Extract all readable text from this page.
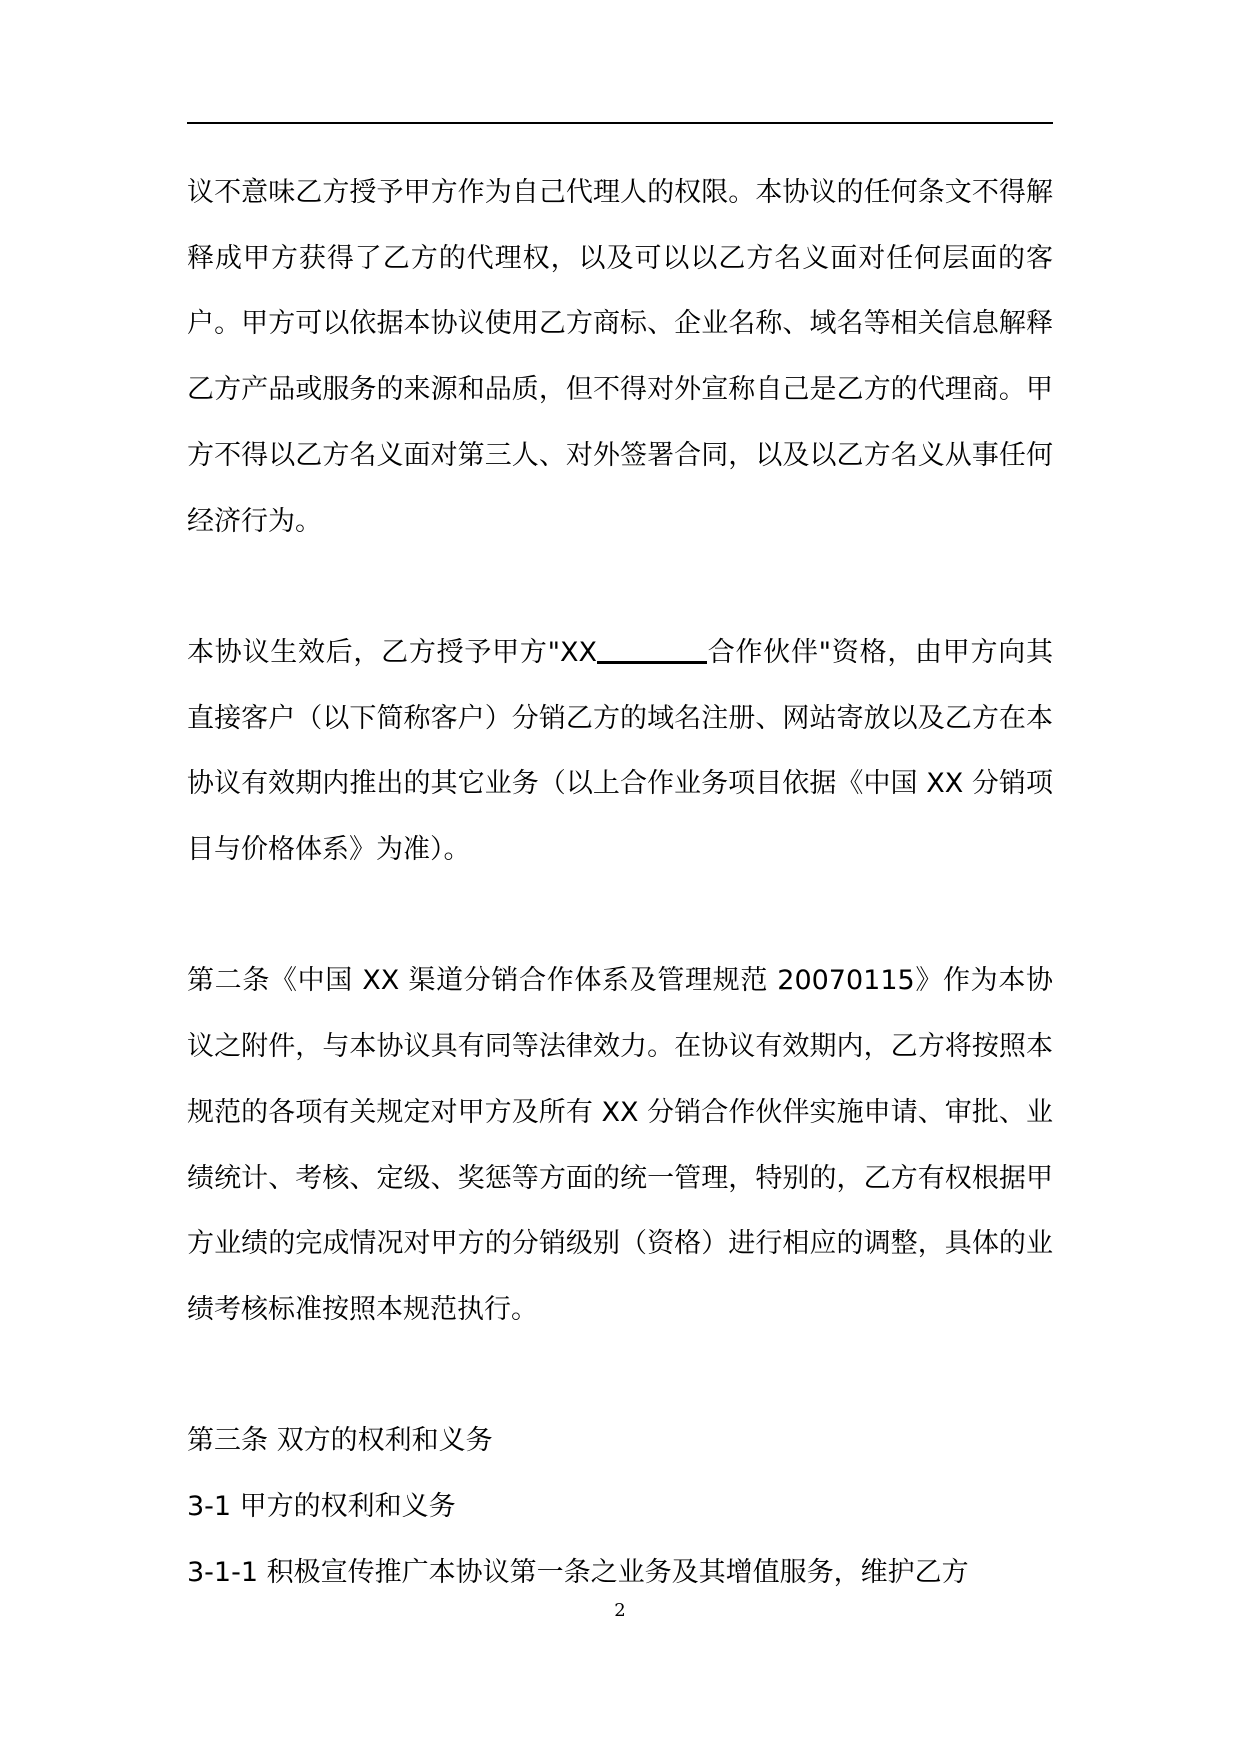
议不意味乙方授予甲方作为自己代理人的权限。本协议的任何条文不得解释成甲方获得了乙方的代理权，以及可以以乙方名义面对任何层面的客户。甲方可以依据本协议使用乙方商标、企业名称、域名等相关信息解释乙方产品或服务的来源和品质，但不得对外宣称自己是乙方的代理商。甲方不得以乙方名义面对第三人、对外签署合同，以及以乙方名义从事任何经济行为。

本协议生效后，乙方授予甲方"XX	合作伙伴"资格，由甲方向其直接客户（以下简称客户）分销乙方的域名注册、网站寄放以及乙方在本协议有效期内推出的其它业务（以上合作业务项目依据《中国 XX 分销项目与价格体系》为准）。

第二条《中国 XX 渠道分销合作体系及管理规范 20070115》作为本协议之附件，与本协议具有同等法律效力。在协议有效期内，乙方将按照本规范的各项有关规定对甲方及所有 XX 分销合作伙伴实施申请、审批、业绩统计、考核、定级、奖惩等方面的统一管理，特别的，乙方有权根据甲方业绩的完成情况对甲方的分销级别（资格）进行相应的调整，具体的业绩考核标准按照本规范执行。

第三条 双方的权利和义务

3-1 甲方的权利和义务

3-1-1 积极宣传推广本协议第一条之业务及其增值服务，维护乙方

2
